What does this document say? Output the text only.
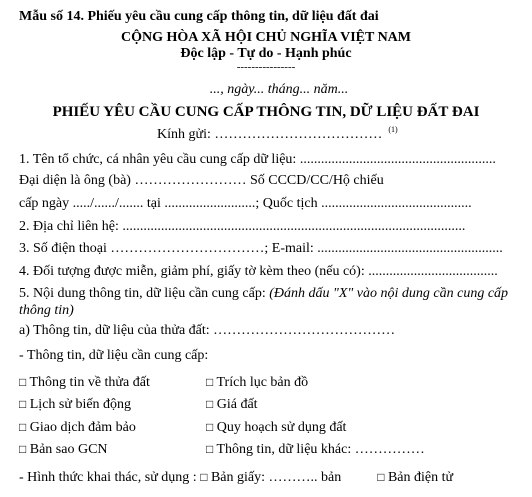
Mẫu số 14. Phiếu yêu cầu cung cấp thông tin, dữ liệu đất đai
CỘNG HÒA XÃ HỘI CHỦ NGHĨA VIỆT NAM
Độc lập - Tự do - Hạnh phúc
----------------
..., ngày... tháng... năm...
PHIẾU YÊU CẦU CUNG CẤP THÔNG TIN, DỮ LIỆU ĐẤT ĐAI
Kính gửi: ……………………………… $^{(1)}$
1. Tên tổ chức, cá nhân yêu cầu cung cấp dữ liệu: ........................................................
Đại diện là ông (bà) …………………… Số CCCD/CC/Hộ chiếu
cấp ngày ...../....../....... tại ..........................; Quốc tịch ...........................................
2. Địa chỉ liên hệ: ..................................................................................................
3. Số điện thoại ……………………………; E-mail: .....................................................
4. Đối tượng được miễn, giảm phí, giấy tờ kèm theo (nếu có): .....................................
5. Nội dung thông tin, dữ liệu cần cung cấp: (Đánh dấu "X" vào nội dung cần cung cấp thông tin)
a) Thông tin, dữ liệu của thửa đất: …………………………………
- Thông tin, dữ liệu cần cung cấp:
□ Thông tin về thửa đất	□ Trích lục bản đồ
□ Lịch sử biến động	□ Giá đất
□ Giao dịch đảm bảo	□ Quy hoạch sử dụng đất
□ Bản sao GCN	□ Thông tin, dữ liệu khác: ……………
- Hình thức khai thác, sử dụng : □ Bản giấy: ……….. bản	□ Bản điện tử
